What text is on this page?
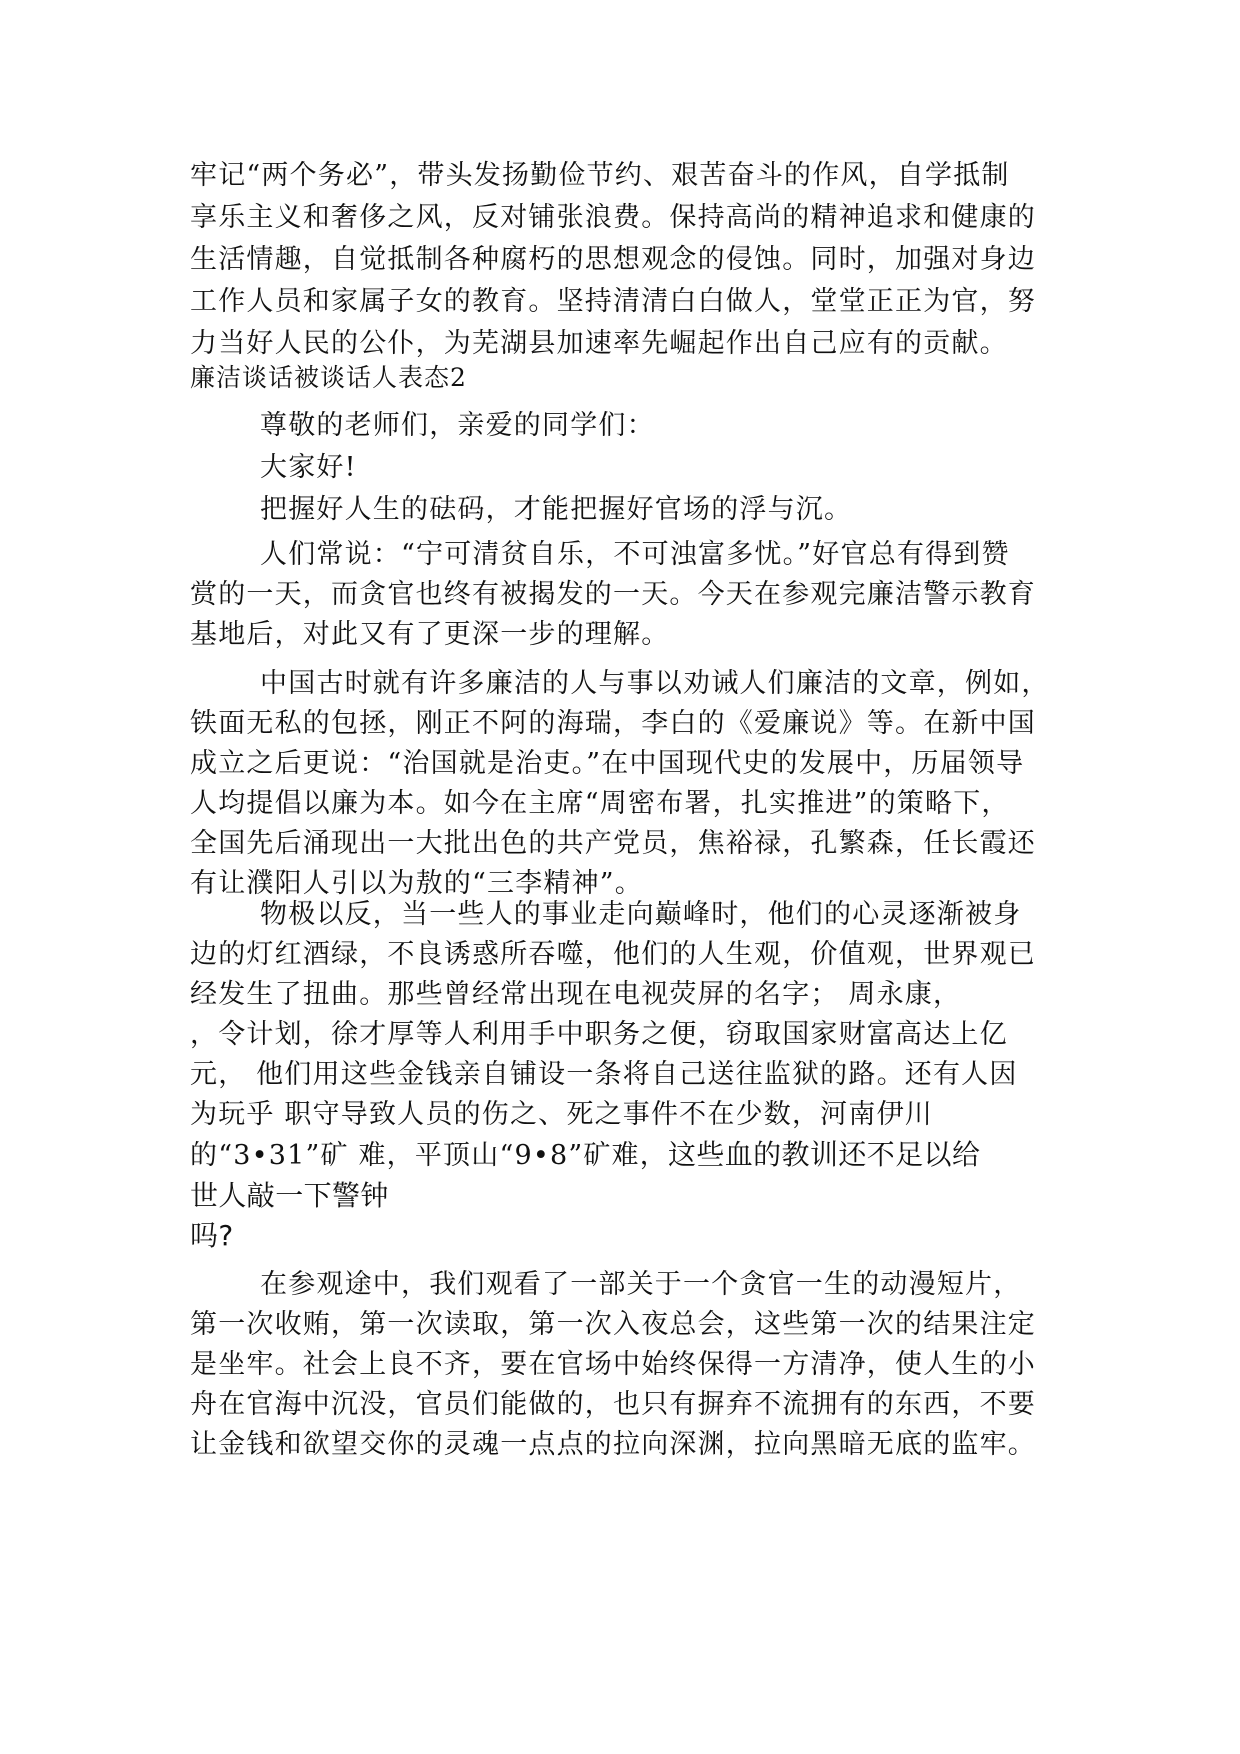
牢记“两个务必”，带头发扬勤俭节约、艰苦奋斗的作风，自学抵制
享乐主义和奢侈之风，反对铺张浪费。保持高尚的精神追求和健康的
生活情趣，自觉抵制各种腐朽的思想观念的侵蚀。同时，加强对身边
工作人员和家属子女的教育。坚持清清白白做人，堂堂正正为官，努
力当好人民的公仆，为芜湖县加速率先崛起作出自己应有的贡献。
廉洁谈话被谈话人表态2
尊敬的老师们，亲爱的同学们：
大家好!
把握好人生的砝码，才能把握好官场的浮与沉。
人们常说：“宁可清贫自乐，不可浊富多忧。”好官总有得到赞
赏的一天，而贪官也终有被揭发的一天。今天在参观完廉洁警示教育
基地后，对此又有了更深一步的理解。
中国古时就有许多廉洁的人与事以劝诫人们廉洁的文章，例如，
铁面无私的包拯，刚正不阿的海瑞，李白的《爱廉说》等。在新中国
成立之后更说：“治国就是治吏。”在中国现代史的发展中，历届领导
人均提倡以廉为本。如今在主席“周密布署，扎实推进”的策略下，
全国先后涌现出一大批出色的共产党员，焦裕禄，孔繁森，任长霞还
有让濮阳人引以为敖的“三李精神”。
物极以反，当一些人的事业走向巅峰时，他们的心灵逐渐被身
边的灯红酒绿，不良诱惑所吞噬，他们的人生观，价值观，世界观已
经发生了扭曲。那些曾经常出现在电视荧屏的名字； 周永康，
，令计划，徐才厚等人利用手中职务之便，窃取国家财富高达上亿
元， 他们用这些金钱亲自铺设一条将自己送往监狱的路。还有人因
为玩乎 职守导致人员的伤之、死之事件不在少数，河南伊川
的“3•31”矿 难，平顶山“9•8”矿难，这些血的教训还不足以给
世人敲一下警钟
吗?
在参观途中，我们观看了一部关于一个贪官一生的动漫短片，
第一次收贿，第一次读取，第一次入夜总会，这些第一次的结果注定
是坐牢。社会上良不齐，要在官场中始终保得一方清净，使人生的小
舟在官海中沉没，官员们能做的，也只有摒弃不流拥有的东西，不要
让金钱和欲望交你的灵魂一点点的拉向深渊，拉向黑暗无底的监牢。
